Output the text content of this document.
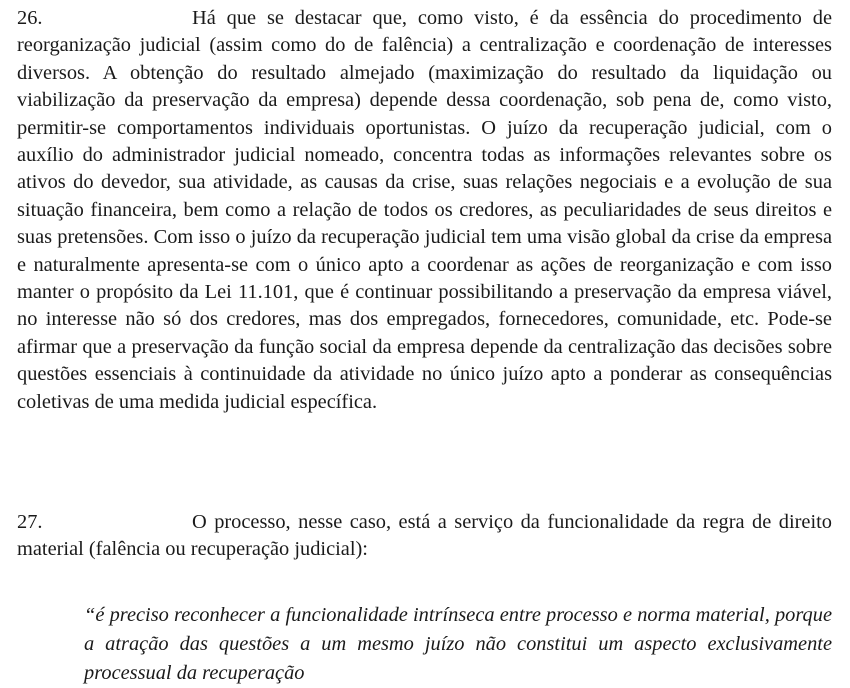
26.	Há que se destacar que, como visto, é da essência do procedimento de reorganização judicial (assim como do de falência) a centralização e coordenação de interesses diversos. A obtenção do resultado almejado (maximização do resultado da liquidação ou viabilização da preservação da empresa) depende dessa coordenação, sob pena de, como visto, permitir-se comportamentos individuais oportunistas. O juízo da recuperação judicial, com o auxílio do administrador judicial nomeado, concentra todas as informações relevantes sobre os ativos do devedor, sua atividade, as causas da crise, suas relações negociais e a evolução de sua situação financeira, bem como a relação de todos os credores, as peculiaridades de seus direitos e suas pretensões. Com isso o juízo da recuperação judicial tem uma visão global da crise da empresa e naturalmente apresenta-se com o único apto a coordenar as ações de reorganização e com isso manter o propósito da Lei 11.101, que é continuar possibilitando a preservação da empresa viável, no interesse não só dos credores, mas dos empregados, fornecedores, comunidade, etc. Pode-se afirmar que a preservação da função social da empresa depende da centralização das decisões sobre questões essenciais à continuidade da atividade no único juízo apto a ponderar as consequências coletivas de uma medida judicial específica.

27.	O processo, nesse caso, está a serviço da funcionalidade da regra de direito material (falência ou recuperação judicial):

“é preciso reconhecer a funcionalidade intrínseca entre processo e norma material, porque a atração das questões a um mesmo juízo não constitui um aspecto exclusivamente processual da recuperação
